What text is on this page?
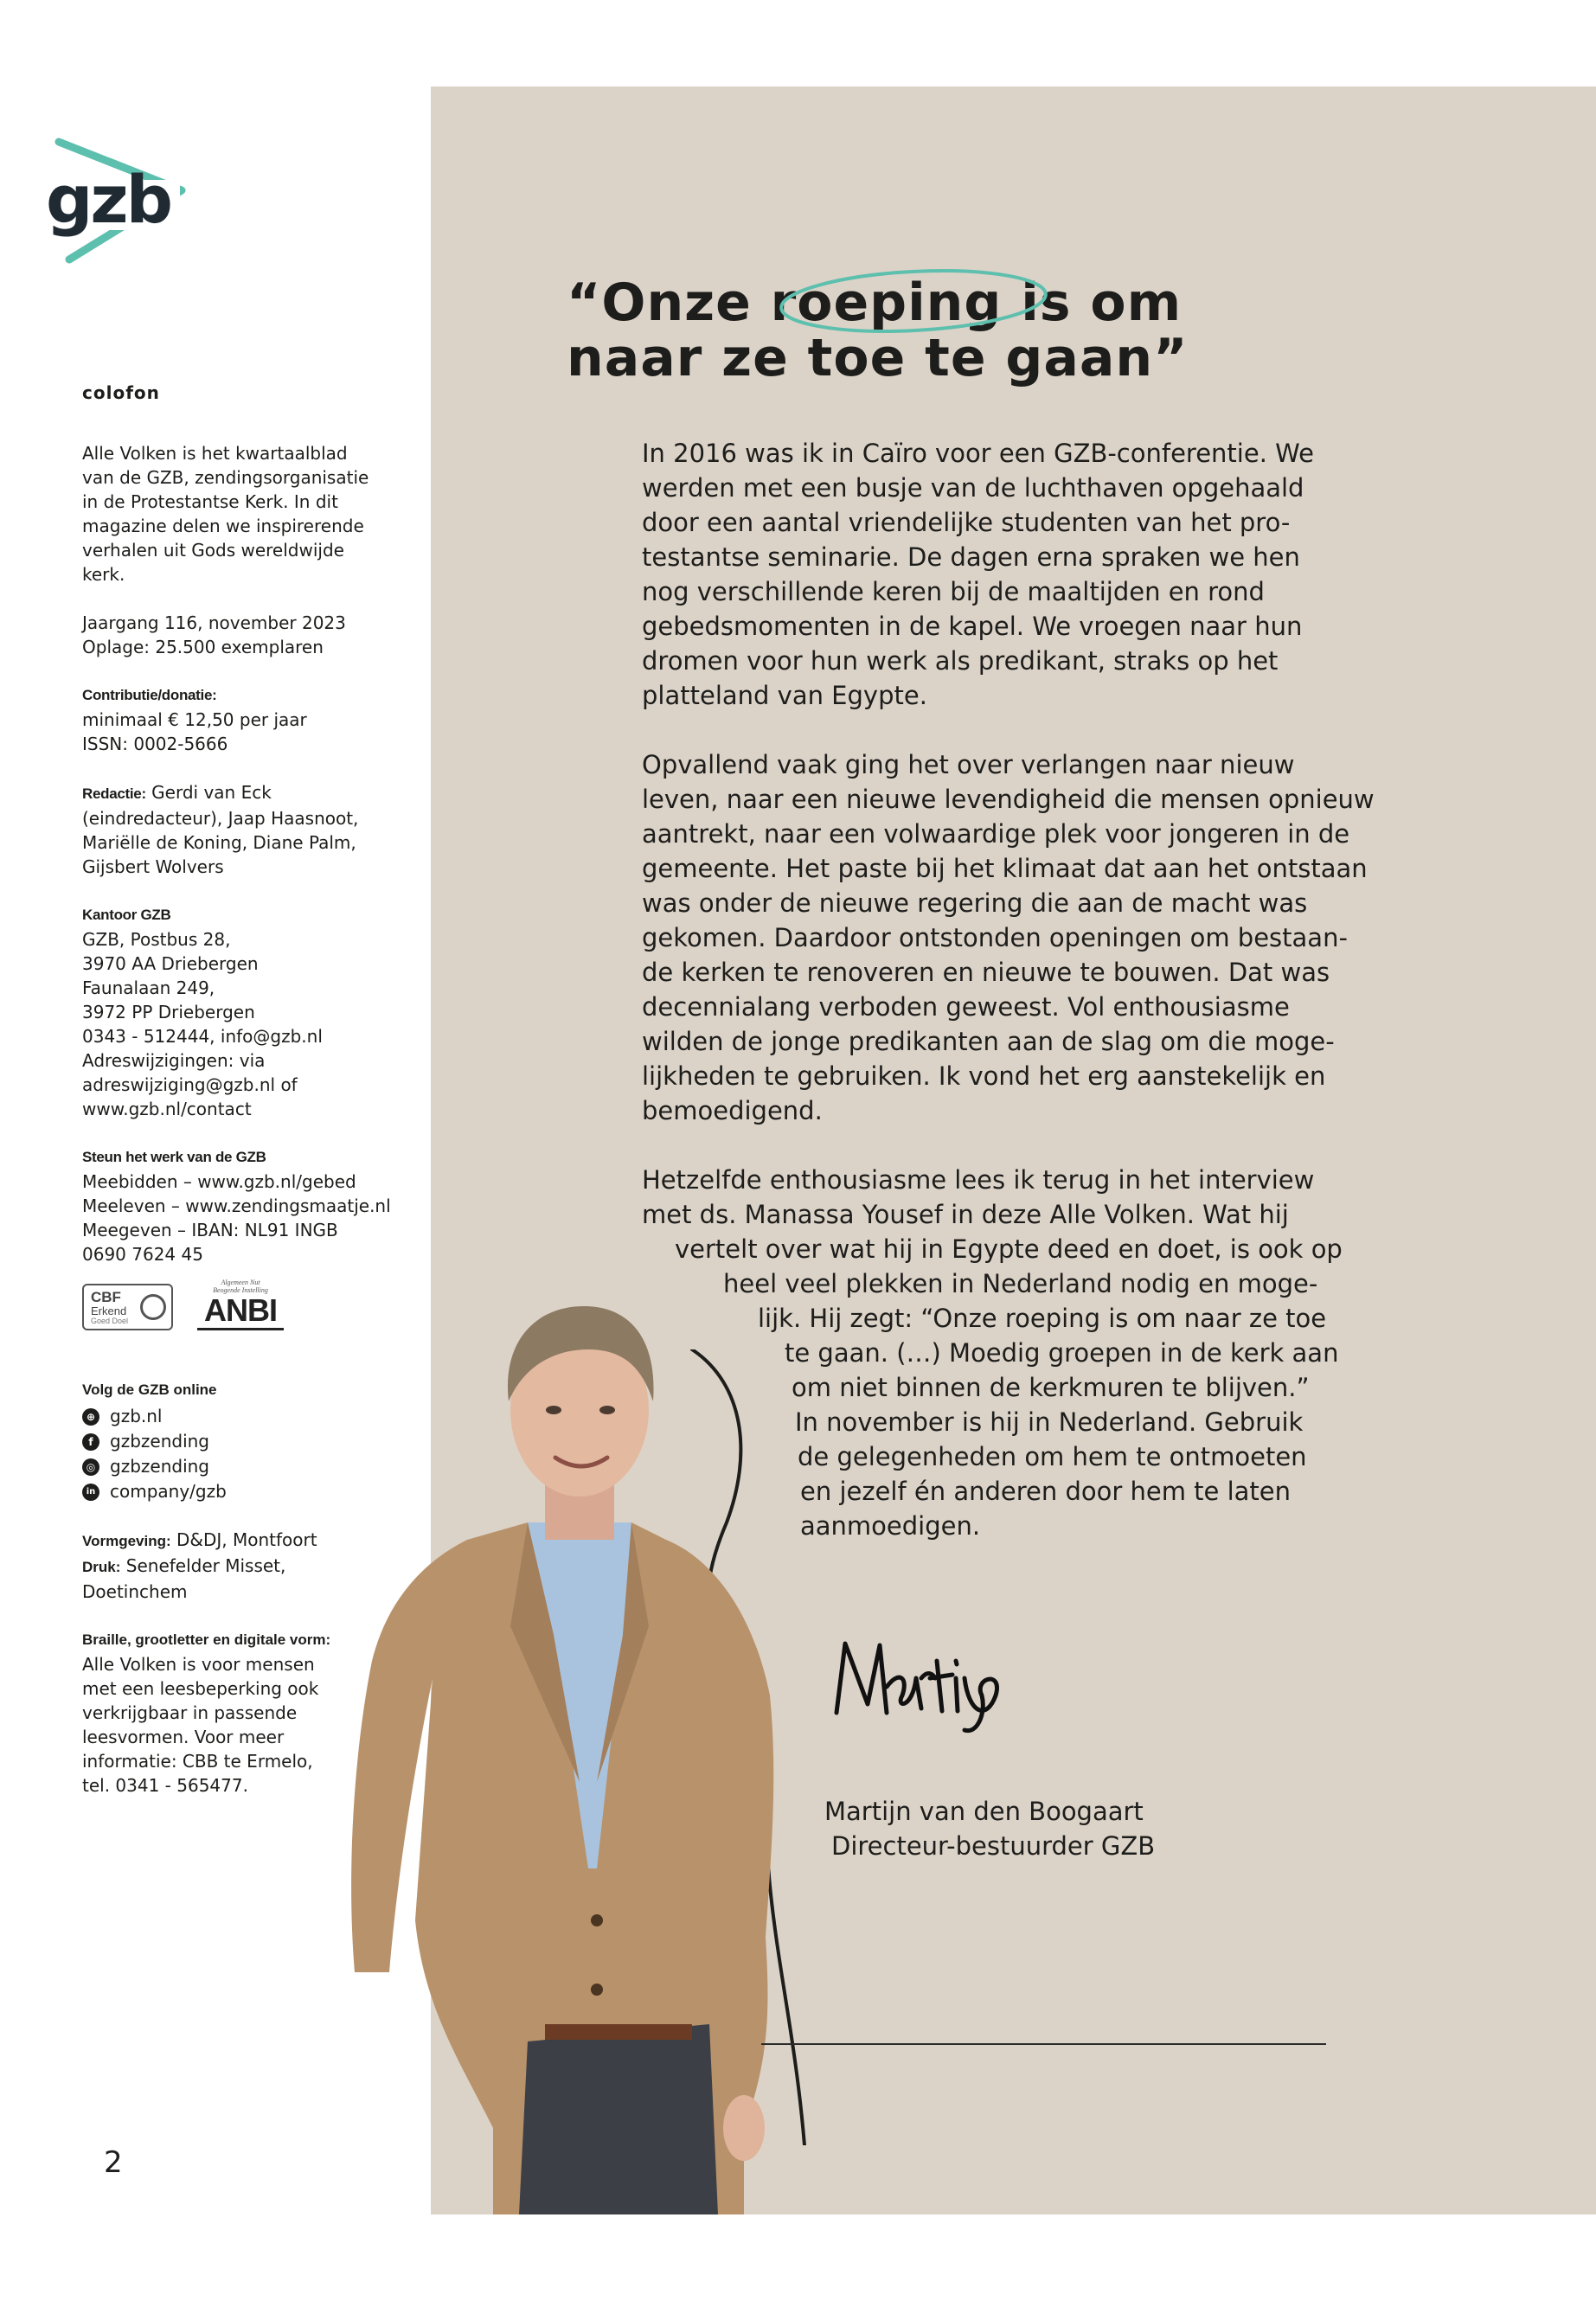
gzb
colofon
Alle Volken is het kwartaalblad
van de GZB, zendingsorganisatie
in de Protestantse Kerk. In dit
magazine delen we inspirerende
verhalen uit Gods wereldwijde
kerk.
Jaargang 116, november 2023
Oplage: 25.500 exemplaren
Contributie/donatie:
minimaal € 12,50 per jaar
ISSN: 0002-5666
Redactie: Gerdi van Eck
(eindredacteur), Jaap Haasnoot,
Mariëlle de Koning, Diane Palm,
Gijsbert Wolvers
Kantoor GZB
GZB, Postbus 28,
3970 AA Driebergen
Faunalaan 249,
3972 PP Driebergen
0343 - 512444, info@gzb.nl
Adreswijzigingen: via
adreswijziging@gzb.nl of
www.gzb.nl/contact
Steun het werk van de GZB
Meebidden – www.gzb.nl/gebed
Meeleven – www.zendingsmaatje.nl
Meegeven – IBAN: NL91 INGB
0690 7624 45
CBF
Erkend
Goed Doel
Algemeen Nut
Beogende Instelling
ANBI
Volg de GZB online
⊕ gzb.nl
f gzbzending
◎ gzbzending
in company/gzb
Vormgeving: D&DJ, Montfoort
Druk: Senefelder Misset,
Doetinchem
Braille, grootletter en digitale vorm:
Alle Volken is voor mensen
met een leesbeperking ook
verkrijgbaar in passende
leesvormen. Voor meer
informatie: CBB te Ermelo,
tel. 0341 - 565477.
2
“Onze roeping is om
naar ze toe te gaan”
In 2016 was ik in Caïro voor een GZB-conferentie. We
werden met een busje van de luchthaven opgehaald
door een aantal vriendelijke studenten van het pro-
testantse seminarie. De dagen erna spraken we hen
nog verschillende keren bij de maaltijden en rond
gebedsmomenten in de kapel. We vroegen naar hun
dromen voor hun werk als predikant, straks op het
platteland van Egypte.
Opvallend vaak ging het over verlangen naar nieuw
leven, naar een nieuwe levendigheid die mensen opnieuw
aantrekt, naar een volwaardige plek voor jongeren in de
gemeente. Het paste bij het klimaat dat aan het ontstaan
was onder de nieuwe regering die aan de macht was
gekomen. Daardoor ontstonden openingen om bestaan-
de kerken te renoveren en nieuwe te bouwen. Dat was
decennialang verboden geweest. Vol enthousiasme
wilden de jonge predikanten aan de slag om die moge-
lijkheden te gebruiken. Ik vond het erg aanstekelijk en
bemoedigend.
Hetzelfde enthousiasme lees ik terug in het interview
met ds. Manassa Yousef in deze Alle Volken. Wat hij
vertelt over wat hij in Egypte deed en doet, is ook op
heel veel plekken in Nederland nodig en moge-
lijk. Hij zegt: “Onze roeping is om naar ze toe
te gaan. (…) Moedig groepen in de kerk aan
om niet binnen de kerkmuren te blijven.”
In november is hij in Nederland. Gebruik
de gelegenheden om hem te ontmoeten
en jezelf én anderen door hem te laten
aanmoedigen.
Martijn van den Boogaart
Directeur-bestuurder GZB
